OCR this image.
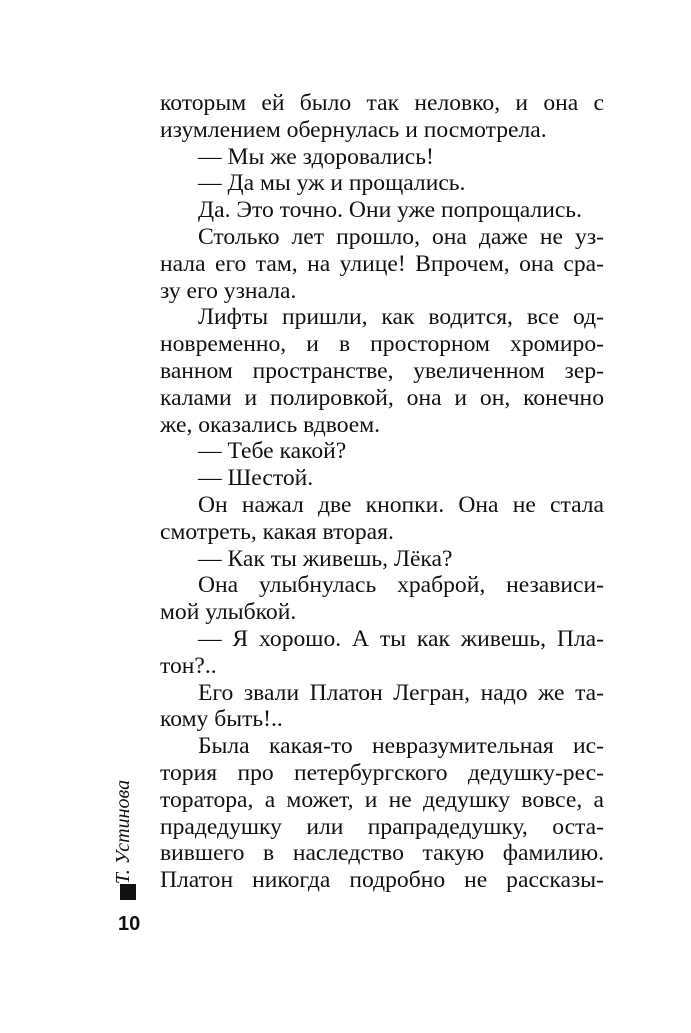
которым ей было так неловко, и она с
изумлением обернулась и посмотрела.
— Мы же здоровались!
— Да мы уж и прощались.
Да. Это точно. Они уже попрощались.
Столько лет прошло, она даже не уз-
нала его там, на улице! Впрочем, она сра-
зу его узнала.
Лифты пришли, как водится, все од-
новременно, и в просторном хромиро-
ванном пространстве, увеличенном зер-
калами и полировкой, она и он, конечно
же, оказались вдвоем.
— Тебе какой?
— Шестой.
Он нажал две кнопки. Она не стала
смотреть, какая вторая.
— Как ты живешь, Лёка?
Она улыбнулась храброй, независи-
мой улыбкой.
— Я хорошо. А ты как живешь, Пла-
тон?..
Его звали Платон Легран, надо же та-
кому быть!..
Была какая-то невразумительная ис-
тория про петербургского дедушку-рес-
торатора, а может, и не дедушку вовсе, а
прадедушку или прапрадедушку, оста-
вившего в наследство такую фамилию.
Платон никогда подробно не рассказы-
Т. Устинова
10
